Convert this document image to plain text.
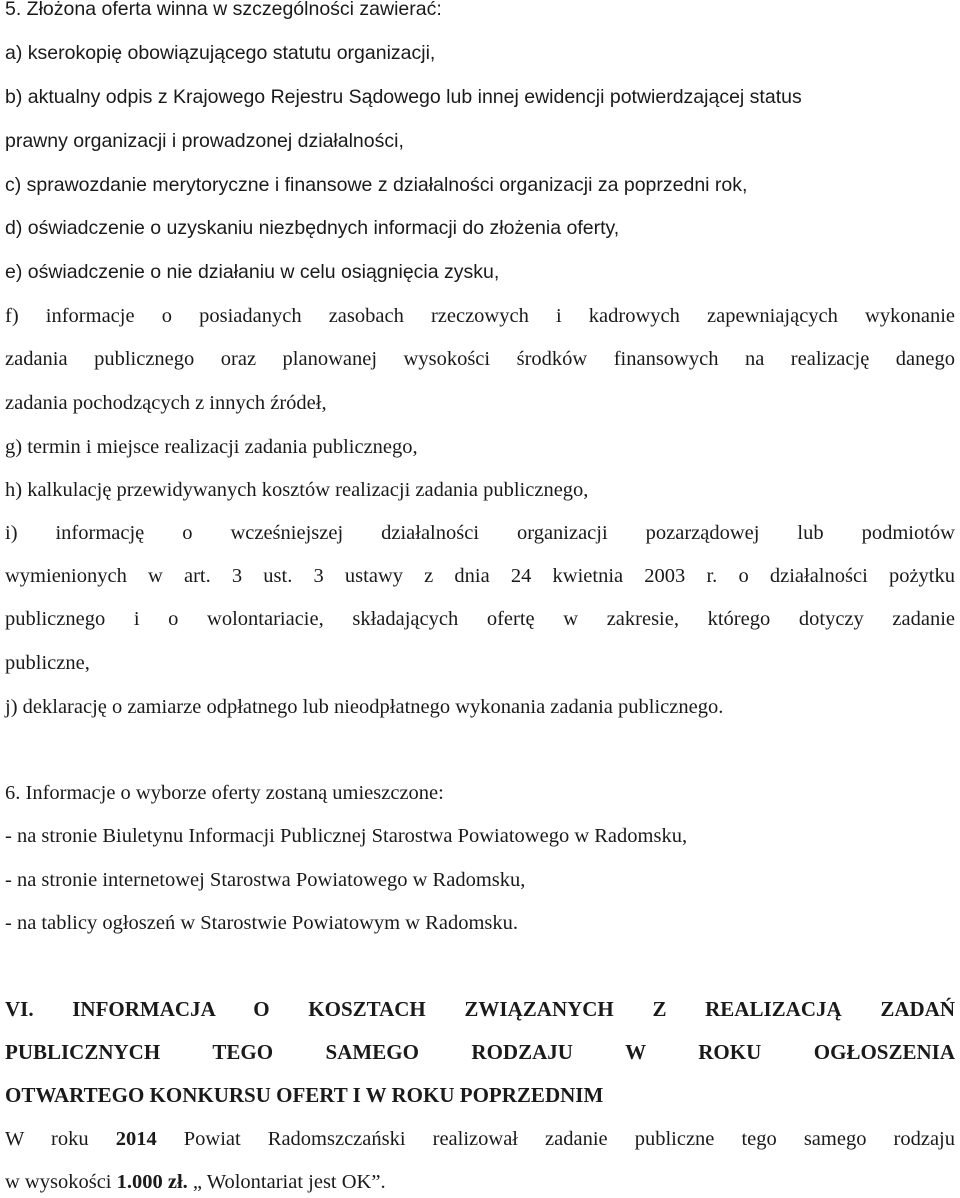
5. Złożona oferta winna w szczególności zawierać:
a) kserokopię obowiązującego statutu organizacji,
b) aktualny odpis z Krajowego Rejestru Sądowego lub innej ewidencji potwierdzającej status
prawny organizacji i prowadzonej działalności,
c) sprawozdanie merytoryczne i finansowe z działalności organizacji za poprzedni rok,
d) oświadczenie o uzyskaniu niezbędnych informacji do złożenia oferty,
e) oświadczenie o nie działaniu w celu osiągnięcia zysku,
f) informacje o posiadanych zasobach rzeczowych i kadrowych zapewniających wykonanie
zadania publicznego oraz planowanej wysokości środków finansowych na realizację danego
zadania pochodzących z innych źródeł,
g) termin i miejsce realizacji zadania publicznego,
h) kalkulację przewidywanych kosztów realizacji zadania publicznego,
i) informację o wcześniejszej działalności organizacji pozarządowej lub podmiotów
wymienionych w art. 3 ust. 3 ustawy z dnia 24 kwietnia 2003 r. o działalności pożytku
publicznego i o wolontariacie, składających ofertę w zakresie, którego dotyczy zadanie
publiczne,
j) deklarację o zamiarze odpłatnego lub nieodpłatnego wykonania zadania publicznego.
6. Informacje o wyborze oferty zostaną umieszczone:
- na stronie Biuletynu Informacji Publicznej Starostwa Powiatowego w Radomsku,
- na stronie internetowej Starostwa Powiatowego w Radomsku,
- na tablicy ogłoszeń w Starostwie Powiatowym w Radomsku.
VI. INFORMACJA O KOSZTACH ZWIĄZANYCH Z REALIZACJĄ ZADAŃ
PUBLICZNYCH TEGO SAMEGO RODZAJU W ROKU OGŁOSZENIA
OTWARTEGO KONKURSU OFERT I W ROKU POPRZEDNIM
W roku 2014 Powiat Radomszczański realizował zadanie publiczne tego samego rodzaju
w wysokości 1.000 zł. „ Wolontariat jest OK”.
